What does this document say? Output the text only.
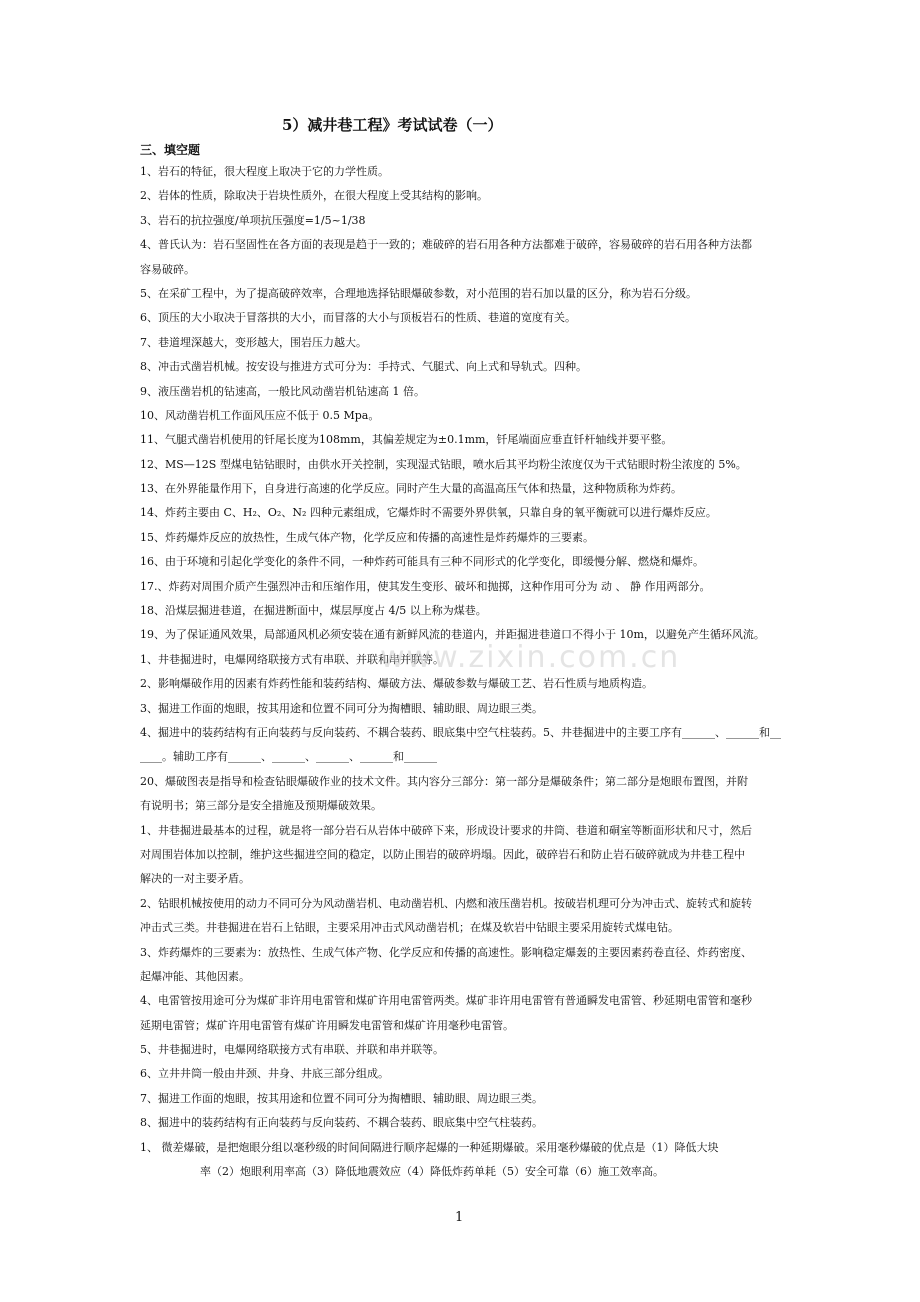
5）减井巷工程》考试试卷（一）
三、填空题
1、岩石的特征，很大程度上取决于它的力学性质。
2、岩体的性质，除取决于岩块性质外，在很大程度上受其结构的影响。
3、岩石的抗拉强度/单项抗压强度=1/5~1/38
4、普氏认为：岩石坚固性在各方面的表现是趋于一致的；难破碎的岩石用各种方法都难于破碎，容易破碎的岩石用各种方法都
容易破碎。
5、在采矿工程中，为了提高破碎效率，合理地选择钻眼爆破参数，对小范围的岩石加以量的区分，称为岩石分级。
6、顶压的大小取决于冒落拱的大小，而冒落的大小与顶板岩石的性质、巷道的宽度有关。
7、巷道埋深越大，变形越大，围岩压力越大。
8、冲击式凿岩机械。按安设与推进方式可分为：手持式、气腿式、向上式和导轨式。四种。
9、液压凿岩机的钻速高，一般比风动凿岩机钻速高 1 倍。
10、风动凿岩机工作面风压应不低于 0.5 Mpa。
11、气腿式凿岩机使用的钎尾长度为108mm，其偏差规定为±0.1mm，钎尾端面应垂直钎杆轴线并要平整。
12、MS—12S 型煤电钻钻眼时，由供水开关控制，实现湿式钻眼，喷水后其平均粉尘浓度仅为干式钻眼时粉尘浓度的 5%。
13、在外界能量作用下，自身进行高速的化学反应。同时产生大量的高温高压气体和热量，这种物质称为炸药。
14、炸药主要由 C、H₂、O₂、N₂ 四种元素组成，它爆炸时不需要外界供氧，只靠自身的氧平衡就可以进行爆炸反应。
15、炸药爆炸反应的放热性，生成气体产物，化学反应和传播的高速性是炸药爆炸的三要素。
16、由于环境和引起化学变化的条件不同，一种炸药可能具有三种不同形式的化学变化，即缓慢分解、燃烧和爆炸。
17.、炸药对周围介质产生强烈冲击和压缩作用，使其发生变形、破坏和抛掷，这种作用可分为 动 、 静 作用两部分。
18、沿煤层掘进巷道，在掘进断面中，煤层厚度占 4/5 以上称为煤巷。
19、为了保证通风效果，局部通风机必须安装在通有新鲜风流的巷道内，并距掘进巷道口不得小于 10m，以避免产生循环风流。
1、井巷掘进时，电爆网络联接方式有串联、并联和串并联等。
2、影响爆破作用的因素有炸药性能和装药结构、爆破方法、爆破参数与爆破工艺、岩石性质与地质构造。
3、掘进工作面的炮眼，按其用途和位置不同可分为掏槽眼、辅助眼、周边眼三类。
4、掘进中的装药结构有正向装药与反向装药、不耦合装药、眼底集中空气柱装药。5、井巷掘进中的主要工序有______、______和__
____。辅助工序有______、______、______、______和______
20、爆破图表是指导和检查钻眼爆破作业的技术文件。其内容分三部分：第一部分是爆破条件；第二部分是炮眼布置图，并附
有说明书；第三部分是安全措施及预期爆破效果。
1、井巷掘进最基本的过程，就是将一部分岩石从岩体中破碎下来，形成设计要求的井筒、巷道和硐室等断面形状和尺寸，然后
对周围岩体加以控制，维护这些掘进空间的稳定，以防止围岩的破碎坍塌。因此，破碎岩石和防止岩石破碎就成为井巷工程中
解决的一对主要矛盾。
2、钻眼机械按使用的动力不同可分为风动凿岩机、电动凿岩机、内燃和液压凿岩机。按破岩机理可分为冲击式、旋转式和旋转
冲击式三类。井巷掘进在岩石上钻眼，主要采用冲击式风动凿岩机；在煤及软岩中钻眼主要采用旋转式煤电钻。
3、炸药爆炸的三要素为：放热性、生成气体产物、化学反应和传播的高速性。影响稳定爆轰的主要因素药卷直径、炸药密度、
起爆冲能、其他因素。
4、电雷管按用途可分为煤矿非许用电雷管和煤矿许用电雷管两类。煤矿非许用电雷管有普通瞬发电雷管、秒延期电雷管和毫秒
延期电雷管；煤矿许用电雷管有煤矿许用瞬发电雷管和煤矿许用毫秒电雷管。
5、井巷掘进时，电爆网络联接方式有串联、并联和串并联等。
6、立井井筒一般由井颈、井身、井底三部分组成。
7、掘进工作面的炮眼，按其用途和位置不同可分为掏槽眼、辅助眼、周边眼三类。
8、掘进中的装药结构有正向装药与反向装药、不耦合装药、眼底集中空气柱装药。
1、 微差爆破，是把炮眼分组以毫秒级的时间间隔进行顺序起爆的一种延期爆破。采用毫秒爆破的优点是（1）降低大块
率（2）炮眼利用率高（3）降低地震效应（4）降低炸药单耗（5）安全可靠（6）施工效率高。
www.zixin.com.cn
1
